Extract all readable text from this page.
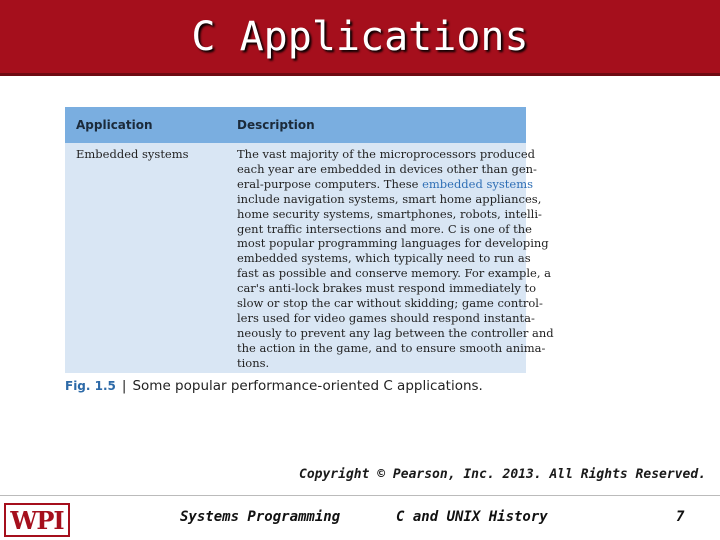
C Applications
Application	Description
Embedded systems	The vast majority of the microprocessors produced
each year are embedded in devices other than gen-
eral-purpose computers. These embedded systems
include navigation systems, smart home appliances,
home security systems, smartphones, robots, intelli-
gent traffic intersections and more. C is one of the
most popular programming languages for developing
embedded systems, which typically need to run as
fast as possible and conserve memory. For example, a
car's anti-lock brakes must respond immediately to
slow or stop the car without skidding; game control-
lers used for video games should respond instanta-
neously to prevent any lag between the controller and
the action in the game, and to ensure smooth anima-
tions.
Fig. 1.5 | Some popular performance-oriented C applications.
Copyright © Pearson, Inc. 2013. All Rights Reserved.
WPI	Systems Programming	C and UNIX History	7
